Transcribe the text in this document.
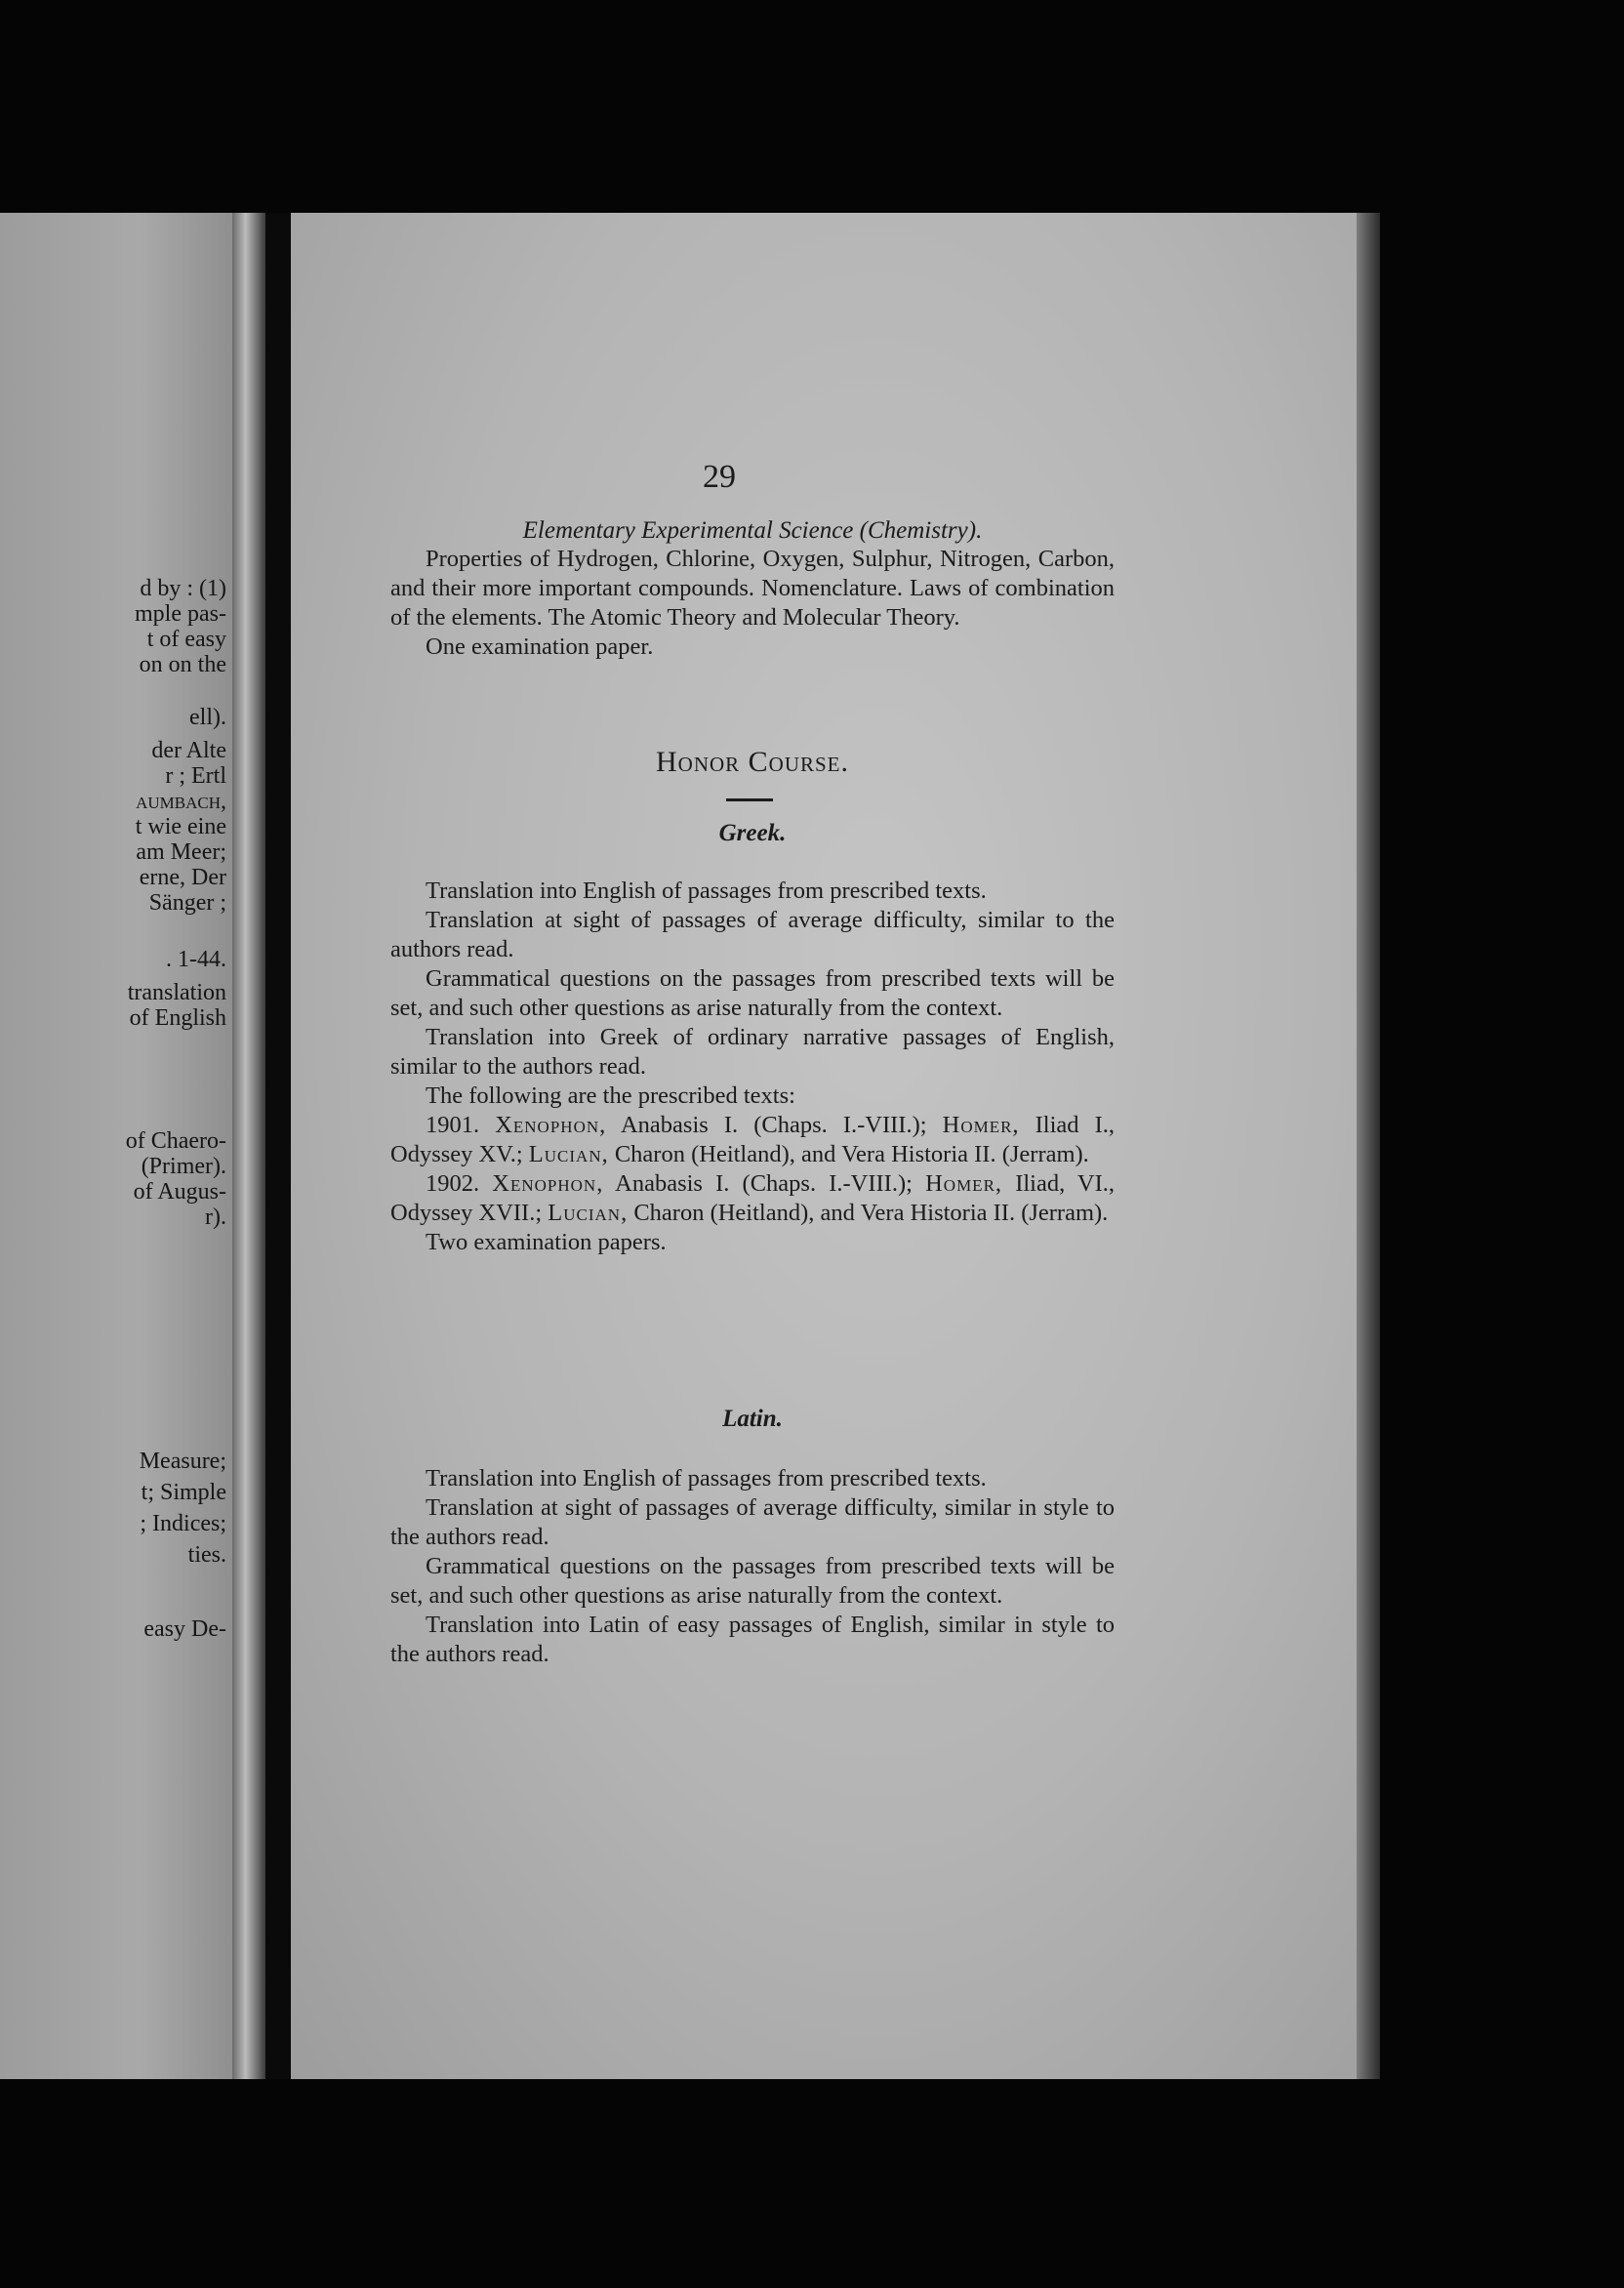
d by : (1)
mple pas-
t of easy
on on the
ell).
der Alte
r ; Ertl
aumbach,
t wie eine
am Meer;
erne, Der
Sänger ;
. 1-44.
translation
of English
of Chaero-
(Primer).
of Augus-
r).
Measure;
t; Simple
; Indices;
ties.
easy De-
29
Elementary Experimental Science (Chemistry).

Properties of Hydrogen, Chlorine, Oxygen, Sulphur, Nitrogen, Carbon, and their more important compounds. Nomenclature. Laws of combination of the elements. The Atomic Theory and Molecular Theory.

One examination paper.

Honor Course.
Greek.

Translation into English of passages from prescribed texts.

Translation at sight of passages of average difficulty, similar to the authors read.

Grammatical questions on the passages from prescribed texts will be set, and such other questions as arise naturally from the context.

Translation into Greek of ordinary narrative passages of English, similar to the authors read.

The following are the prescribed texts:

1901. Xenophon, Anabasis I. (Chaps. I.-VIII.); Homer, Iliad I., Odyssey XV.; Lucian, Charon (Heitland), and Vera Historia II. (Jerram).

1902. Xenophon, Anabasis I. (Chaps. I.-VIII.); Homer, Iliad, VI., Odyssey XVII.; Lucian, Charon (Heitland), and Vera Historia II. (Jerram).

Two examination papers.

Latin.

Translation into English of passages from prescribed texts.

Translation at sight of passages of average difficulty, similar in style to the authors read.

Grammatical questions on the passages from prescribed texts will be set, and such other questions as arise naturally from the context.

Translation into Latin of easy passages of English, similar in style to the authors read.
